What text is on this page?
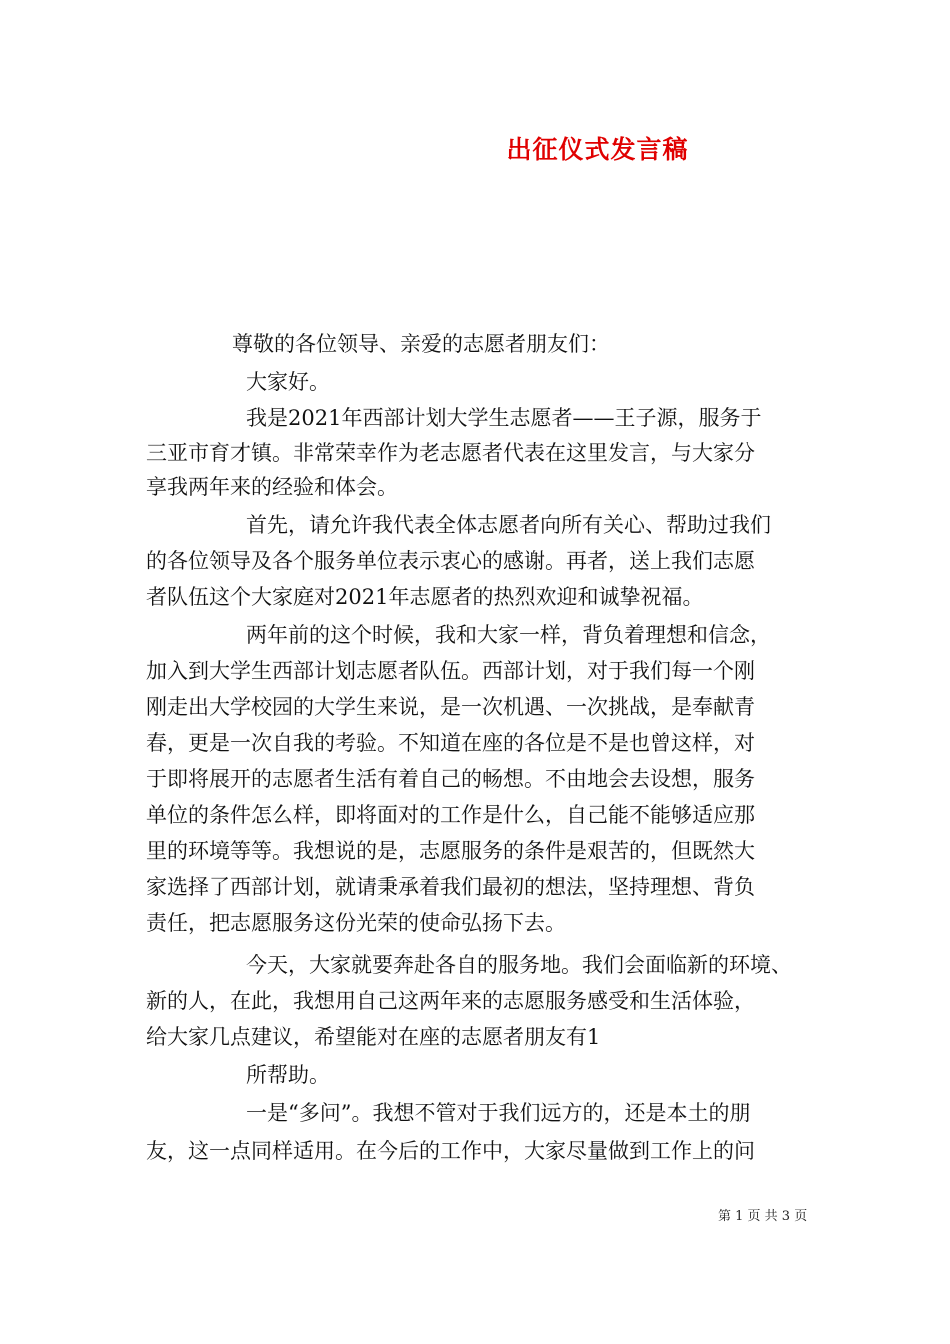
出征仪式发言稿
尊敬的各位领导、亲爱的志愿者朋友们：
大家好。
我是2021年西部计划大学生志愿者——王子源，服务于
三亚市育才镇。非常荣幸作为老志愿者代表在这里发言，与大家分
享我两年来的经验和体会。
首先，请允许我代表全体志愿者向所有关心、帮助过我们
的各位领导及各个服务单位表示衷心的感谢。再者，送上我们志愿
者队伍这个大家庭对2021年志愿者的热烈欢迎和诚挚祝福。
两年前的这个时候，我和大家一样，背负着理想和信念，
加入到大学生西部计划志愿者队伍。西部计划，对于我们每一个刚
刚走出大学校园的大学生来说，是一次机遇、一次挑战，是奉献青
春，更是一次自我的考验。不知道在座的各位是不是也曾这样，对
于即将展开的志愿者生活有着自己的畅想。不由地会去设想，服务
单位的条件怎么样，即将面对的工作是什么，自己能不能够适应那
里的环境等等。我想说的是，志愿服务的条件是艰苦的，但既然大
家选择了西部计划，就请秉承着我们最初的想法，坚持理想、背负
责任，把志愿服务这份光荣的使命弘扬下去。
今天，大家就要奔赴各自的服务地。我们会面临新的环境、
新的人，在此，我想用自己这两年来的志愿服务感受和生活体验，
给大家几点建议，希望能对在座的志愿者朋友有1
所帮助。
一是“多问”。我想不管对于我们远方的，还是本土的朋
友，这一点同样适用。在今后的工作中，大家尽量做到工作上的问
第 1 页 共 3 页
